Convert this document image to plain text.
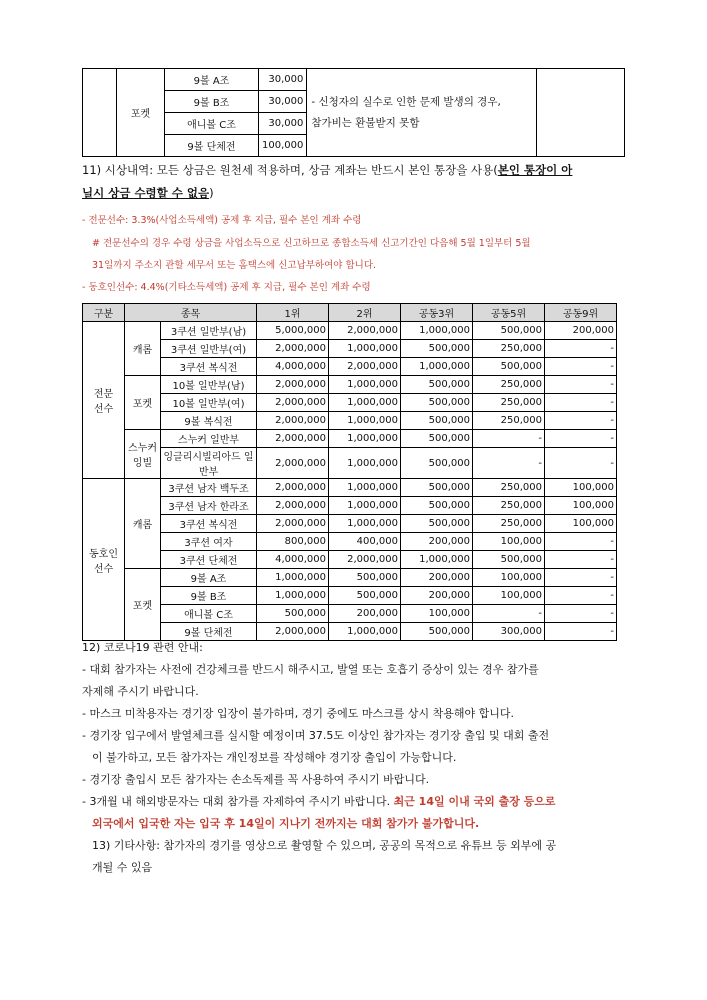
	포켓	9볼 A조	30,000	- 신청자의 실수로 인한 문제 발생의 경우,
참가비는 환불받지 못함	

		9볼 B조	30,000		
		애니볼 C조	30,000		
		9볼 단체전	100,000		
11) 시상내역: 모든 상금은 원천세 적용하며, 상금 계좌는 반드시 본인 통장을 사용(본인 통장이 아
닐시 상금 수령할 수 없음)
- 전문선수: 3.3%(사업소득세액) 공제 후 지급, 필수 본인 계좌 수령
# 전문선수의 경우 수령 상금을 사업소득으로 신고하므로 종합소득세 신고기간인 다음해 5월 1일부터 5월
31일까지 주소지 관할 세무서 또는 홈택스에 신고납부하여야 합니다.
- 동호인선수: 4.4%(기타소득세액) 공제 후 지급, 필수 본인 계좌 수령
구분	종목		1위	2위	공동3위	공동5위	공동9위

전문
선수	캐롬	3쿠션 일반부(남)	5,000,000	2,000,000	1,000,000	500,000	200,000
		3쿠션 일반부(여)	2,000,000	1,000,000	500,000	250,000	-
		3쿠션 복식전	4,000,000	2,000,000	1,000,000	500,000	-

	포켓	10볼 일반부(남)	2,000,000	1,000,000	500,000	250,000	-
		10볼 일반부(여)	2,000,000	1,000,000	500,000	250,000	-
		9볼 복식전	2,000,000	1,000,000	500,000	250,000	-

	스누커
잉빌	스누커 일반부	2,000,000	1,000,000	500,000	-	-
		잉글리시빌리아드 일반부	2,000,000	1,000,000	500,000	-	-

동호인
선수	캐롬	3쿠션 남자 백두조	2,000,000	1,000,000	500,000	250,000	100,000
		3쿠션 남자 한라조	2,000,000	1,000,000	500,000	250,000	100,000
		3쿠션 복식전	2,000,000	1,000,000	500,000	250,000	100,000
		3쿠션 여자	800,000	400,000	200,000	100,000	-
		3쿠션 단체전	4,000,000	2,000,000	1,000,000	500,000	-

	포켓	9볼 A조	1,000,000	500,000	200,000	100,000	-
		9볼 B조	1,000,000	500,000	200,000	100,000	-
		애니볼 C조	500,000	200,000	100,000	-	-
		9볼 단체전	2,000,000	1,000,000	500,000	300,000	-
12) 코로나19 관련 안내:
- 대회 참가자는 사전에 건강체크를 반드시 해주시고, 발열 또는 호흡기 증상이 있는 경우 참가를
자제해 주시기 바랍니다.
- 마스크 미착용자는 경기장 입장이 불가하며, 경기 중에도 마스크를 상시 착용해야 합니다.
- 경기장 입구에서 발열체크를 실시할 예정이며 37.5도 이상인 참가자는 경기장 출입 및 대회 출전
이 불가하고, 모든 참가자는 개인정보를 작성해야 경기장 출입이 가능합니다.
- 경기장 출입시 모든 참가자는 손소독제를 꼭 사용하여 주시기 바랍니다.
- 3개월 내 해외방문자는 대회 참가를 자제하여 주시기 바랍니다. 최근 14일 이내 국외 출장 등으로
외국에서 입국한 자는 입국 후 14일이 지나기 전까지는 대회 참가가 불가합니다.
13) 기타사항: 참가자의 경기를 영상으로 촬영할 수 있으며, 공공의 목적으로 유튜브 등 외부에 공
개될 수 있음
